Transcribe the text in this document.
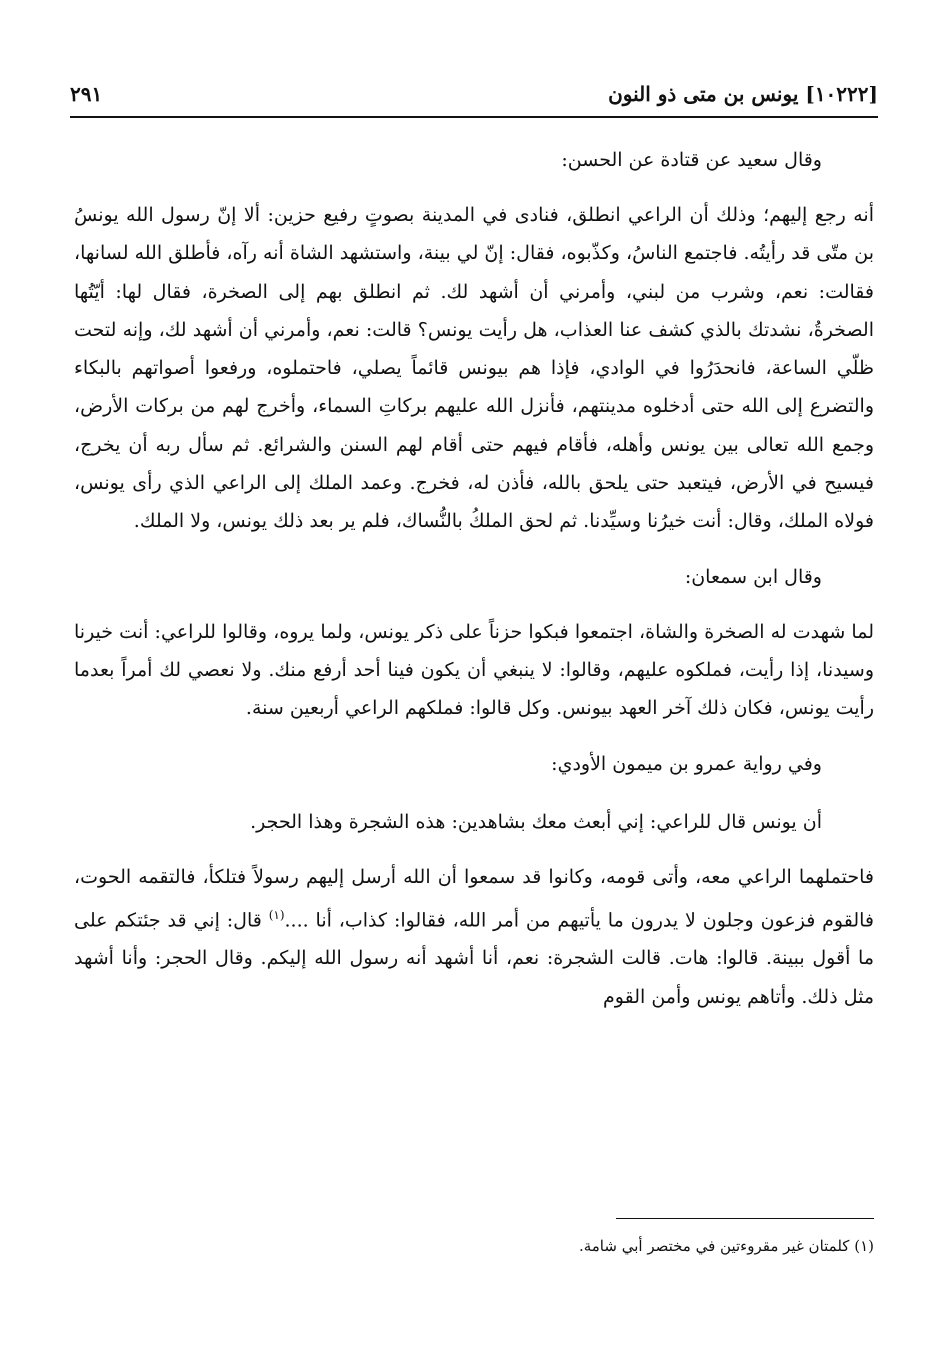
[١٠٢٢٢] يونس بن متى ذو النون
٢٩١

وقال سعيد عن قتادة عن الحسن:

أنه رجع إليهم؛ وذلك أن الراعي انطلق، فنادى في المدينة بصوتٍ رفيع حزين: ألا إنّ رسول الله يونسُ بن متّى قد رأيتُه. فاجتمع الناسُ، وكذّبوه، فقال: إنّ لي بينة، واستشهد الشاة أنه رآه، فأطلق الله لسانها، فقالت: نعم، وشرب من لبني، وأمرني أن أشهد لك. ثم انطلق بهم إلى الصخرة، فقال لها: أيّتُها الصخرةُ، نشدتك بالذي كشف عنا العذاب، هل رأيت يونس؟ قالت: نعم، وأمرني أن أشهد لك، وإنه لتحت ظلّي الساعة، فانحدَرُوا في الوادي، فإذا هم بيونس قائماً يصلي، فاحتملوه، ورفعوا أصواتهم بالبكاء والتضرع إلى الله حتى أدخلوه مدينتهم، فأنزل الله عليهم بركاتِ السماء، وأخرج لهم من بركات الأرض، وجمع الله تعالى بين يونس وأهله، فأقام فيهم حتى أقام لهم السنن والشرائع. ثم سأل ربه أن يخرج، فيسيح في الأرض، فيتعبد حتى يلحق بالله، فأذن له، فخرج. وعمد الملك إلى الراعي الذي رأى يونس، فولاه الملك، وقال: أنت خيرُنا وسيِّدنا. ثم لحق الملكُ بالنُّساك، فلم ير بعد ذلك يونس، ولا الملك.

وقال ابن سمعان:

لما شهدت له الصخرة والشاة، اجتمعوا فبكوا حزناً على ذكر يونس، ولما يروه، وقالوا للراعي: أنت خيرنا وسيدنا، إذا رأيت، فملكوه عليهم، وقالوا: لا ينبغي أن يكون فينا أحد أرفع منك. ولا نعصي لك أمراً بعدما رأيت يونس، فكان ذلك آخر العهد بيونس. وكل قالوا: فملكهم الراعي أربعين سنة.

وفي رواية عمرو بن ميمون الأودي:

أن يونس قال للراعي: إني أبعث معك بشاهدين: هذه الشجرة وهذا الحجر.

فاحتملهما الراعي معه، وأتى قومه، وكانوا قد سمعوا أن الله أرسل إليهم رسولاً فتلكأ، فالتقمه الحوت، فالقوم فزعون وجلون لا يدرون ما يأتيهم من أمر الله، فقالوا: كذاب، أنا ....$^{(١)}$ قال: إني قد جئتكم على ما أقول ببينة. قالوا: هات. قالت الشجرة: نعم، أنا أشهد أنه رسول الله إليكم. وقال الحجر: وأنا أشهد مثل ذلك. وأتاهم يونس وأمن القوم

(١) كلمتان غير مقروءتين في مختصر أبي شامة.
